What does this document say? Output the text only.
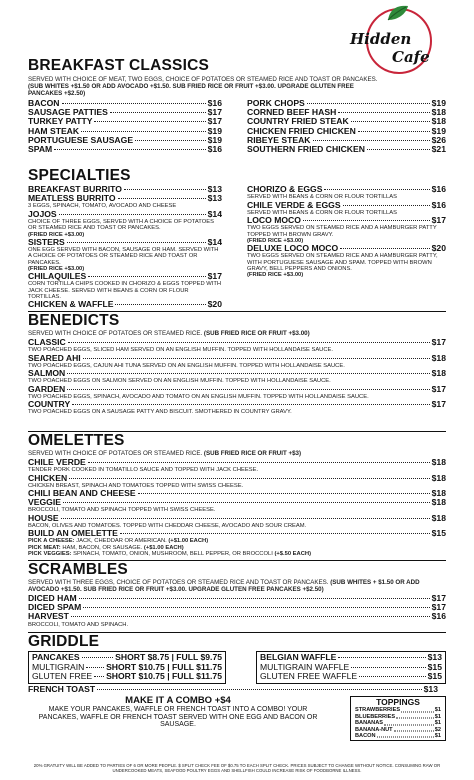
Hidden
Cafe
BREAKFAST CLASSICS
SERVED WITH CHOICE OF MEAT, TWO EGGS, CHOICE OF POTATOES OR STEAMED RICE AND TOAST OR PANCAKES.
(SUB WHITES +$1.50 OR ADD AVOCADO +$1.50. SUB FRIED RICE OR FRUIT +$3.00. UPGRADE GLUTEN FREE PANCAKES +$2.50)
BACON	$16
SAUSAGE PATTIES	$17
TURKEY PATTY	$17
HAM STEAK	$19
PORTUGUESE SAUSAGE	$19
SPAM	$16
PORK CHOPS	$19
CORNED BEEF HASH	$18
COUNTRY FRIED STEAK	$18
CHICKEN FRIED CHICKEN	$19
RIBEYE STEAK	$26
SOUTHERN FRIED CHICKEN	$21
SPECIALTIES
BREAKFAST BURRITO	$13
MEATLESS BURRITO	$13
3 EGGS, SPINACH, TOMATO, AVOCADO AND CHEESE
JOJOS	$14
CHOICE OF THREE EGGS, SERVED WITH A CHOICE OF POTATOES OR STEAMED RICE AND TOAST OR PANCAKES.
(FRIED RICE +$3.00)
SISTERS	$14
ONE EGG SERVED WITH BACON, SAUSAGE OR HAM. SERVED WITH A CHOICE OF POTATOES OR STEAMED RICE AND TOAST OR PANCAKES.
(FRIED RICE +$3.00)
CHILAQUILES	$17
CORN TORTILLA CHIPS COOKED IN CHORIZO & EGGS TOPPED WITH JACK CHEESE. SERVED WITH BEANS & CORN OR FLOUR TORTILLAS.
CHICKEN & WAFFLE	$20
CHORIZO & EGGS	$16
SERVED WITH BEANS & CORN OR FLOUR TORTILLAS
CHILE VERDE & EGGS	$16
SERVED WITH BEANS & CORN OR FLOUR TORTILLAS
LOCO MOCO	$17
TWO EGGS SERVED ON STEAMED RICE AND A HAMBURGER PATTY TOPPED WITH BROWN GRAVY.
(FRIED RICE +$3.00)
DELUXE LOCO MOCO	$20
TWO EGGS SERVED ON STEAMED RICE AND A HAMBURGER PATTY, WITH PORTUGUESE SAUSAGE AND SPAM. TOPPED WITH BROWN GRAVY, BELL PEPPERS AND ONIONS.
(FRIED RICE +$3.00)
BENEDICTS
SERVED WITH CHOICE OF POTATOES OR STEAMED RICE. (SUB FRIED RICE OR FRUIT +$3.00)
CLASSIC	$17
TWO POACHED EGGS, SLICED HAM SERVED ON AN ENGLISH MUFFIN. TOPPED WITH HOLLANDAISE SAUCE.
SEARED AHI	$18
TWO POACHED EGGS, CAJUN AHI TUNA SERVED ON AN ENGLISH MUFFIN. TOPPED WITH HOLLANDAISE SAUCE.
SALMON	$18
TWO POACHED EGGS ON SALMON SERVED ON AN ENGLISH MUFFIN. TOPPED WITH HOLLANDAISE SAUCE.
GARDEN	$17
TWO POACHED EGGS, SPINACH, AVOCADO AND TOMATO ON AN ENGLISH MUFFIN. TOPPED WITH HOLLANDAISE SAUCE.
COUNTRY	$17
TWO POACHED EGGS ON A SAUSAGE PATTY AND BISCUIT. SMOTHERED IN COUNTRY GRAVY.
OMELETTES
SERVED WITH CHOICE OF POTATOES OR STEAMED RICE. (SUB FRIED RICE OR FRUIT +$3)
CHILE VERDE	$18
TENDER PORK COOKED IN TOMATILLO SAUCE AND TOPPED WITH JACK CHEESE.
CHICKEN	$18
CHICKEN BREAST, SPINACH AND TOMATOES TOPPED WITH SWISS CHEESE.
CHILI BEAN AND CHEESE	$18
VEGGIE	$18
BROCCOLI, TOMATO AND SPINACH TOPPED WITH SWISS CHEESE.
HOUSE	$18
BACON, OLIVES AND TOMATOES. TOPPED WITH CHEDDAR CHEESE, AVOCADO AND SOUR CREAM.
BUILD AN OMELETTE	$15
PICK A CHEESE: JACK, CHEDDAR OR AMERICAN. (+$1.00 EACH)
PICK MEAT: HAM, BACON, OR SAUSAGE. (+$1.00 EACH)
PICK VEGGIES: SPINACH, TOMATO, ONION, MUSHROOM, BELL PEPPER, OR BROCCOLI (+$.50 EACH)
SCRAMBLES
SERVED WITH THREE EGGS, CHOICE OF POTATOES OR STEAMED RICE AND TOAST OR PANCAKES. (SUB WHITES + $1.50 OR ADD AVOCADO +$1.50. SUB FRIED RICE OR FRUIT +$3.00. UPGRADE GLUTEN FREE PANCAKES +$2.50)
DICED HAM	$17
DICED SPAM	$17
HARVEST	$16
BROCCOLI, TOMATO AND SPINACH.
GRIDDLE
PANCAKES	SHORT $8.75 | FULL $9.75
MULTIGRAIN	SHORT $10.75 | FULL $11.75
GLUTEN FREE SHORT $10.75 | FULL $11.75
BELGIAN WAFFLE	$13
MULTIGRAIN WAFFLE	$15
GLUTEN FREE WAFFLE	$15
FRENCH TOAST	$13
MAKE IT A COMBO +$4
MAKE YOUR PANCAKES, WAFFLE OR FRENCH TOAST INTO A COMBO! YOUR PANCAKES, WAFFLE OR FRENCH TOAST SERVED WITH ONE EGG AND BACON OR SAUSAGE.
TOPPINGS
STRAWBERRIES	$1
BLUEBERRIES	$1
BANANAS	$1
BANANA-NUT	$2
BACON	$1
20% GRATUITY WILL BE ADDED TO PARTIES OF 6 OR MORE PEOPLE. $ SPLIT CHECK FEE OF $0.75 TO EACH SPLIT CHECK. PRICES SUBJECT TO CHANGE WITHOUT NOTICE. CONSUMING RAW OR UNDERCOOKED MEATS, SEAFOOD POULTRY EGGS AND SHELLFISH COULD INCREASE RISK OF FOODBORNE ILLNESS.
